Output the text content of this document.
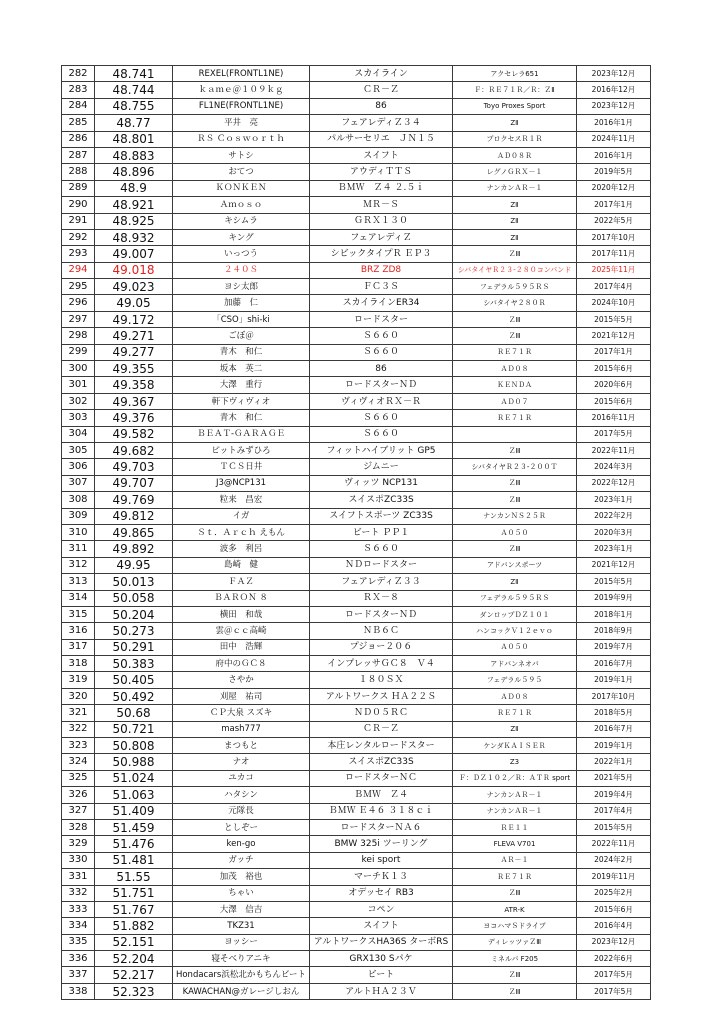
282	48.741	REXEL(FRONTL1NE)	スカイライン	アクセレラ651	2023年12月
283	48.744	ｋａｍｅ＠１０９ｋｇ	ＣＲ－Ｚ	Ｆ：ＲＥ７１Ｒ／Ｒ：ＺⅡ	2016年12月
284	48.755	FL1NE(FRONTL1NE)	86	Toyo Proxes Sport	2023年12月
285	48.77	平井　亮	フェアレディＺ３４	ZⅡ	2016年1月
286	48.801	ＲＳ Ｃｏｓｗｏｒｔｈ	パルサーセリエ　ＪＮ１５	プロクセスＲ１Ｒ	2024年11月
287	48.883	サトシ	スイフト	ＡＤ０８Ｒ	2016年1月
288	48.896	おてつ	アウディＴＴＳ	レグノＧＲＸ－１	2019年5月
289	48.9	ＫＯＮＫＥＮ	ＢＭＷ　Ｚ４ ２.５ｉ	ナンカンＡＲ－１	2020年12月
290	48.921	Ａｍｏｓｏ	ＭＲ－Ｓ	ZⅡ	2017年1月
291	48.925	キシムラ	ＧＲＸ１３０	ZⅡ	2022年5月
292	48.932	キング	フェアレディＺ	ZⅡ	2017年10月
293	49.007	いっつう	シビックタイプＲ ＥＰ３	ＺⅢ	2017年11月
294	49.018	２４０Ｓ	BRZ ZD8	シバタイヤＲ２３-２８０コンパンド	2025年11月
295	49.023	ヨシ太郎	ＦＣ３Ｓ	フェデラル５９５ＲＳ	2017年4月
296	49.05	加藤　仁	スカイラインER34	シバタイヤ２８０Ｒ	2024年10月
297	49.172	「CSO」shi-ki	ロードスター	ＺⅢ	2015年5月
298	49.271	ごぼ＠	Ｓ６６０	ＺⅢ	2021年12月
299	49.277	青木　和仁	Ｓ６６０	ＲＥ７１Ｒ	2017年1月
300	49.355	坂本　英二	86	ＡＤ０８	2015年6月
301	49.358	大澤　重行	ロードスターＮＤ	ＫＥＮＤＡ	2020年6月
302	49.367	軒下ヴィヴィオ	ヴィヴィオＲＸ－Ｒ	ＡＤ０７	2015年6月
303	49.376	青木　和仁	Ｓ６６０	ＲＥ７１Ｒ	2016年11月
304	49.582	ＢＥＡＴ-ＧＡＲＡＧＥ	Ｓ６６０		2017年5月
305	49.682	ピットみずひろ	フィットハイブリット GP5	ＺⅢ	2022年11月
306	49.703	ＴＣＳ日井	ジムニー	シバタイヤＲ２３-２００Ｔ	2024年3月
307	49.707	J3@NCP131	ヴィッツ NCP131	ＺⅢ	2022年12月
308	49.769	粒来　昌宏	スイスポZC33S	ＺⅢ	2023年1月
309	49.812	イガ	スイフトスポーツ ZC33S	ナンカンＮＳ２５Ｒ	2022年2月
310	49.865	Ｓｔ．Ａｒｃｈ えもん	ビート ＰＰ１	Ａ０５０	2020年3月
311	49.892	波多　利呂	Ｓ６６０	ＺⅢ	2023年1月
312	49.95	島崎　健	ＮＤロードスター	アドバンスポーツ	2021年12月
313	50.013	ＦＡＺ	フェアレディＺ３３	ZⅡ	2015年5月
314	50.058	ＢＡＲＯＮ ８	ＲＸ－８	フェデラル５９５ＲＳ	2019年9月
315	50.204	横田　和哉	ロードスターＮＤ	ダンロップＤＺ１０１	2018年1月
316	50.273	雲＠ｃｃ高崎	ＮＢ６Ｃ	ハンコックＶ１２ｅｖｏ	2018年9月
317	50.291	田中　浩輝	プジョー２０６	Ａ０５０	2019年7月
318	50.383	府中のＧＣ８	インプレッサＧＣ８　Ｖ４	アドバンネオバ	2016年7月
319	50.405	さやか	１８０ＳＸ	フェデラル５９５	2019年1月
320	50.492	刈屋　祐司	アルトワークス ＨＡ２２Ｓ	ＡＤ０８	2017年10月
321	50.68	ＣＰ大泉 スズキ	ＮＤ０５ＲＣ	ＲＥ７１Ｒ	2018年5月
322	50.721	mash777	ＣＲ－Ｚ	ZⅡ	2016年7月
323	50.808	まつもと	本庄レンタルロードスター	ケンダＫＡＩＳＥＲ	2019年1月
324	50.988	ナオ	スイスポZC33S	Z3	2022年1月
325	51.024	ユカコ	ロードスターＮＣ	Ｆ：ＤＺ１０２／Ｒ：ＡＴＲ sport	2021年5月
326	51.063	ハタシン	ＢＭＷ　Ｚ４	ナンカンＡＲ－１	2019年4月
327	51.409	元隊長	ＢＭＷ Ｅ４６ ３１８ｃｉ	ナンカンＡＲ－１	2017年4月
328	51.459	としぞー	ロードスターＮＡ６	ＲＥ１１	2015年5月
329	51.476	ken-go	BMW 325i ツーリング	FLEVA V701	2022年11月
330	51.481	ガッチ	kei sport	ＡＲ－１	2024年2月
331	51.55	加茂　裕也	マーチＫ１３	ＲＥ７１Ｒ	2019年11月
332	51.751	ちゃい	オデッセイ RB3	ＺⅢ	2025年2月
333	51.767	大澤　信吉	コペン	ATR-K	2015年6月
334	51.882	TKZ31	スイフト	ヨコハマＳドライブ	2016年4月
335	52.151	ヨッシー	アルトワークスHA36S ターボRS	ディレッツァＺⅢ	2023年12月
336	52.204	寝そべりアニキ	GRX130 Sパケ	ミネルバ F205	2022年6月
337	52.217	Hondacars浜松北かもちんビート	ビート	ＺⅢ	2017年5月
338	52.323	KAWACHAN@ガレージしおん	アルトＨＡ２３Ｖ	ＺⅢ	2017年5月
